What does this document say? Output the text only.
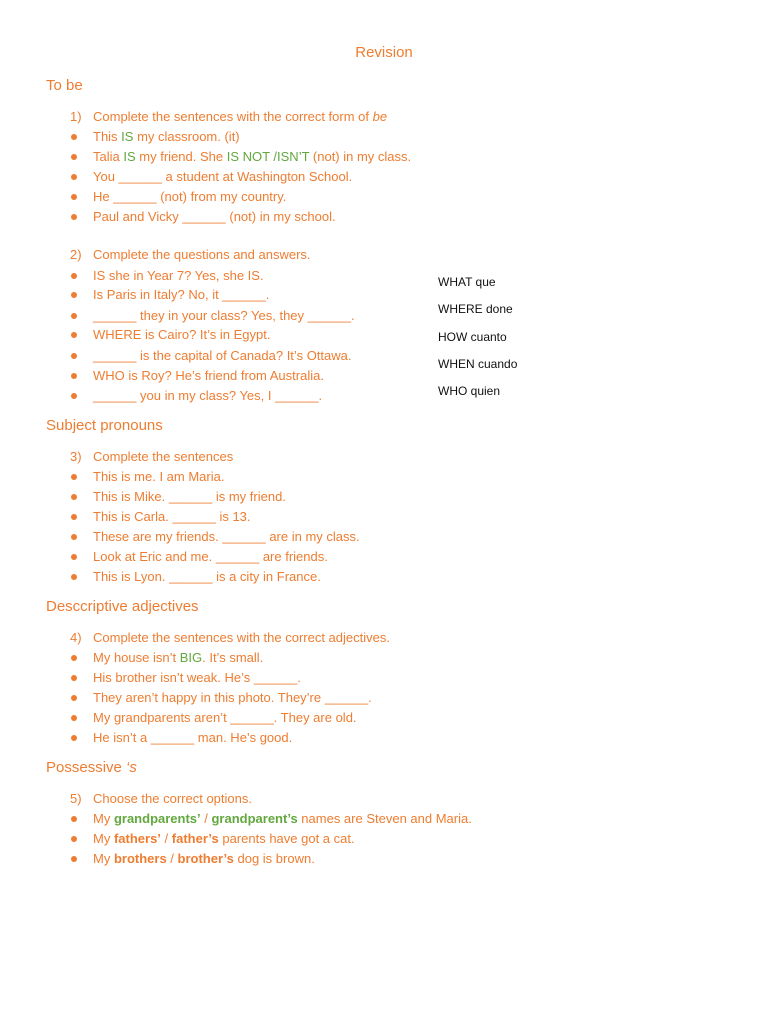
Revision
To be
1) Complete the sentences with the correct form of be
This IS my classroom. (it)
Talia IS my friend. She IS NOT /ISN’T (not) in my class.
You ______ a student at Washington School.
He ______ (not) from my country.
Paul and Vicky ______ (not) in my school.
2) Complete the questions and answers.
IS she in Year 7? Yes, she IS.
Is Paris in Italy? No, it ______.
______ they in your class? Yes, they ______.
WHERE is Cairo? It’s in Egypt.
______ is the capital of Canada? It’s Ottawa.
WHO is Roy? He’s friend from Australia.
______ you in my class? Yes, I ______.
WHAT que
WHERE done
HOW cuanto
WHEN cuando
WHO quien
Subject pronouns
3) Complete the sentences
This is me. I am Maria.
This is Mike. ______ is my friend.
This is Carla. ______ is 13.
These are my friends. ______ are in my class.
Look at Eric and me. ______ are friends.
This is Lyon. ______ is a city in France.
Desccriptive adjectives
4) Complete the sentences with the correct adjectives.
My house isn’t BIG. It’s small.
His brother isn’t weak. He’s ______.
They aren’t happy in this photo. They’re ______.
My grandparents aren’t ______. They are old.
He isn’t a ______ man. He’s good.
Possessive ‘s
5) Choose the correct options.
My grandparents’ / grandparent’s names are Steven and Maria.
My fathers’ / father’s parents have got a cat.
My brothers / brother’s dog is brown.
